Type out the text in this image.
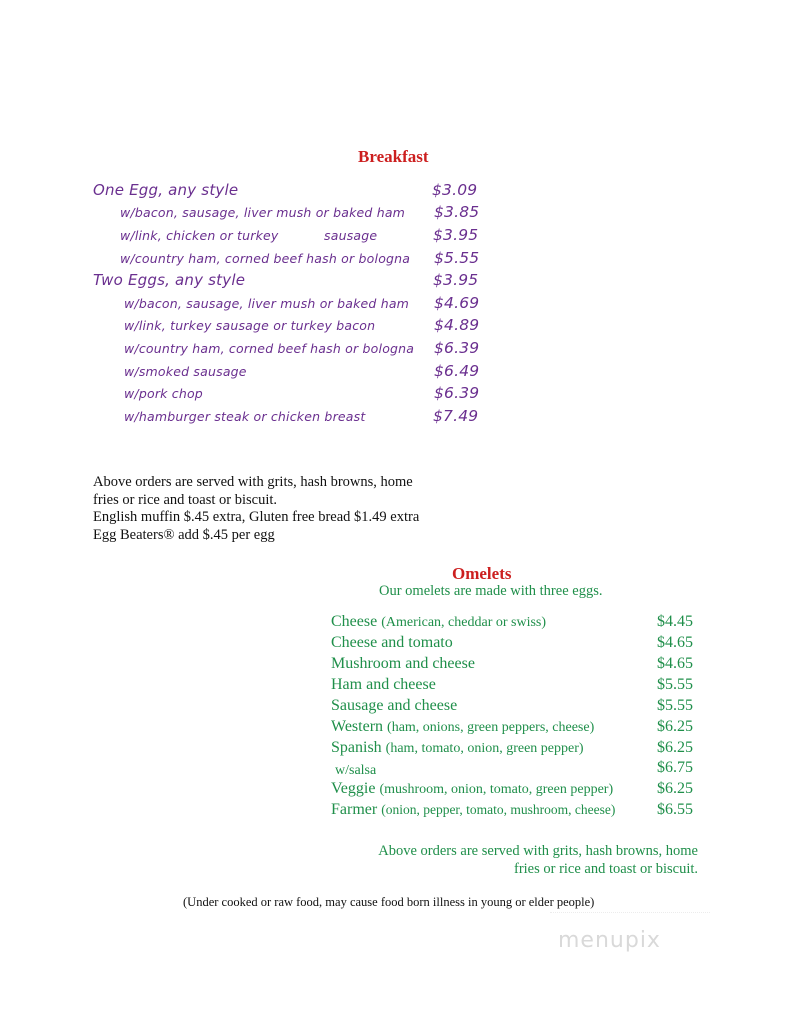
Breakfast
One Egg, any style	$3.09
w/bacon, sausage, liver mush or baked ham $3.85
w/link, chicken or turkey	sausage	$3.95
w/country ham, corned beef hash or bologna $5.55
Two Eggs, any style	$3.95
w/bacon, sausage, liver mush or baked ham $4.69
w/link, turkey sausage or turkey bacon	$4.89
w/country ham, corned beef hash or bologna $6.39
w/smoked sausage	$6.49
w/pork chop	$6.39
w/hamburger steak or chicken breast	$7.49
Above orders are served with grits, hash browns, home
fries or rice and toast or biscuit.
English muffin $.45 extra, Gluten free bread $1.49 extra
Egg Beaters® add $.45 per egg
Omelets
Our omelets are made with three eggs.
Cheese (American, cheddar or swiss)	$4.45
Cheese and tomato	$4.65
Mushroom and cheese	$4.65
Ham and cheese	$5.55
Sausage and cheese	$5.55
Western (ham, onions, green peppers, cheese)	$6.25
Spanish (ham, tomato, onion, green pepper)	$6.25
w/salsa	$6.75
Veggie (mushroom, onion, tomato, green pepper)	$6.25
Farmer (onion, pepper, tomato, mushroom, cheese)	$6.55
Above orders are served with grits, hash browns, home
fries or rice and toast or biscuit.
(Under cooked or raw food, may cause food born illness in young or elder people)
menupix
